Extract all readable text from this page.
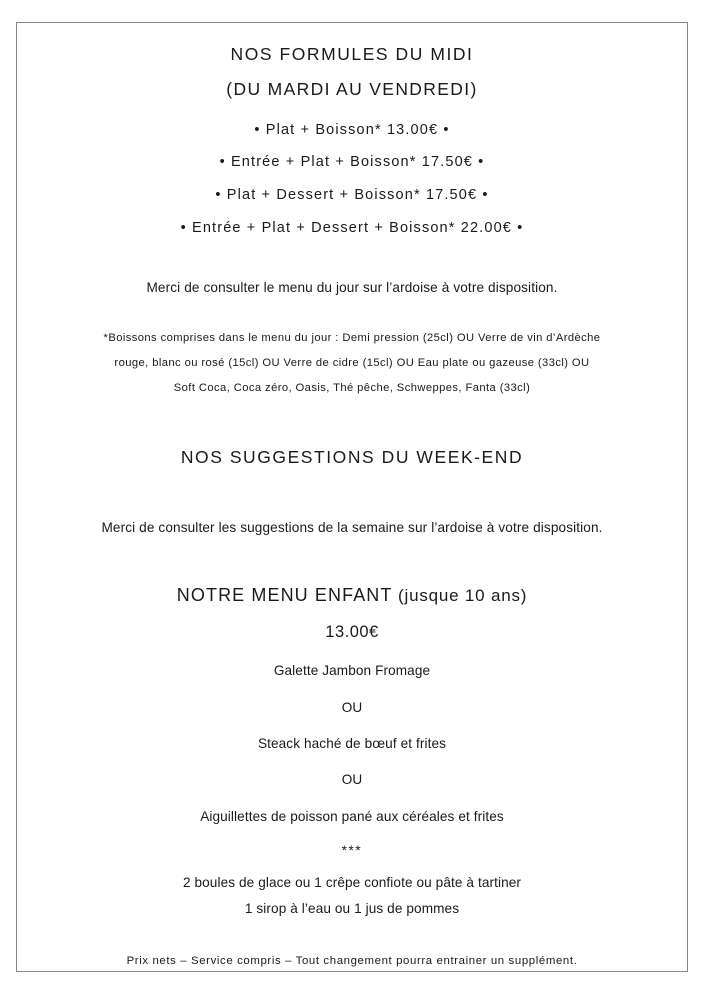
NOS FORMULES DU MIDI
(DU MARDI AU VENDREDI)

• Plat + Boisson* 13.00€ •

• Entrée + Plat + Boisson* 17.50€ •

• Plat + Dessert + Boisson* 17.50€ •

• Entrée + Plat + Dessert + Boisson* 22.00€ •

Merci de consulter le menu du jour sur l’ardoise à votre disposition.

*Boissons comprises dans le menu du jour : Demi pression (25cl) OU Verre de vin d’Ardèche
rouge, blanc ou rosé (15cl) OU Verre de cidre (15cl) OU Eau plate ou gazeuse (33cl) OU
Soft Coca, Coca zéro, Oasis, Thé pêche, Schweppes, Fanta (33cl)
NOS SUGGESTIONS DU WEEK-END

Merci de consulter les suggestions de la semaine sur l’ardoise à votre disposition.

NOTRE MENU ENFANT (jusque 10 ans)

13.00€

Galette Jambon Fromage

OU

Steack haché de bœuf et frites

OU

Aiguillettes de poisson pané aux céréales et frites

***

2 boules de glace ou 1 crêpe confiote ou pâte à tartiner

1 sirop à l’eau ou 1 jus de pommes

Prix nets – Service compris – Tout changement pourra entrainer un supplément.
